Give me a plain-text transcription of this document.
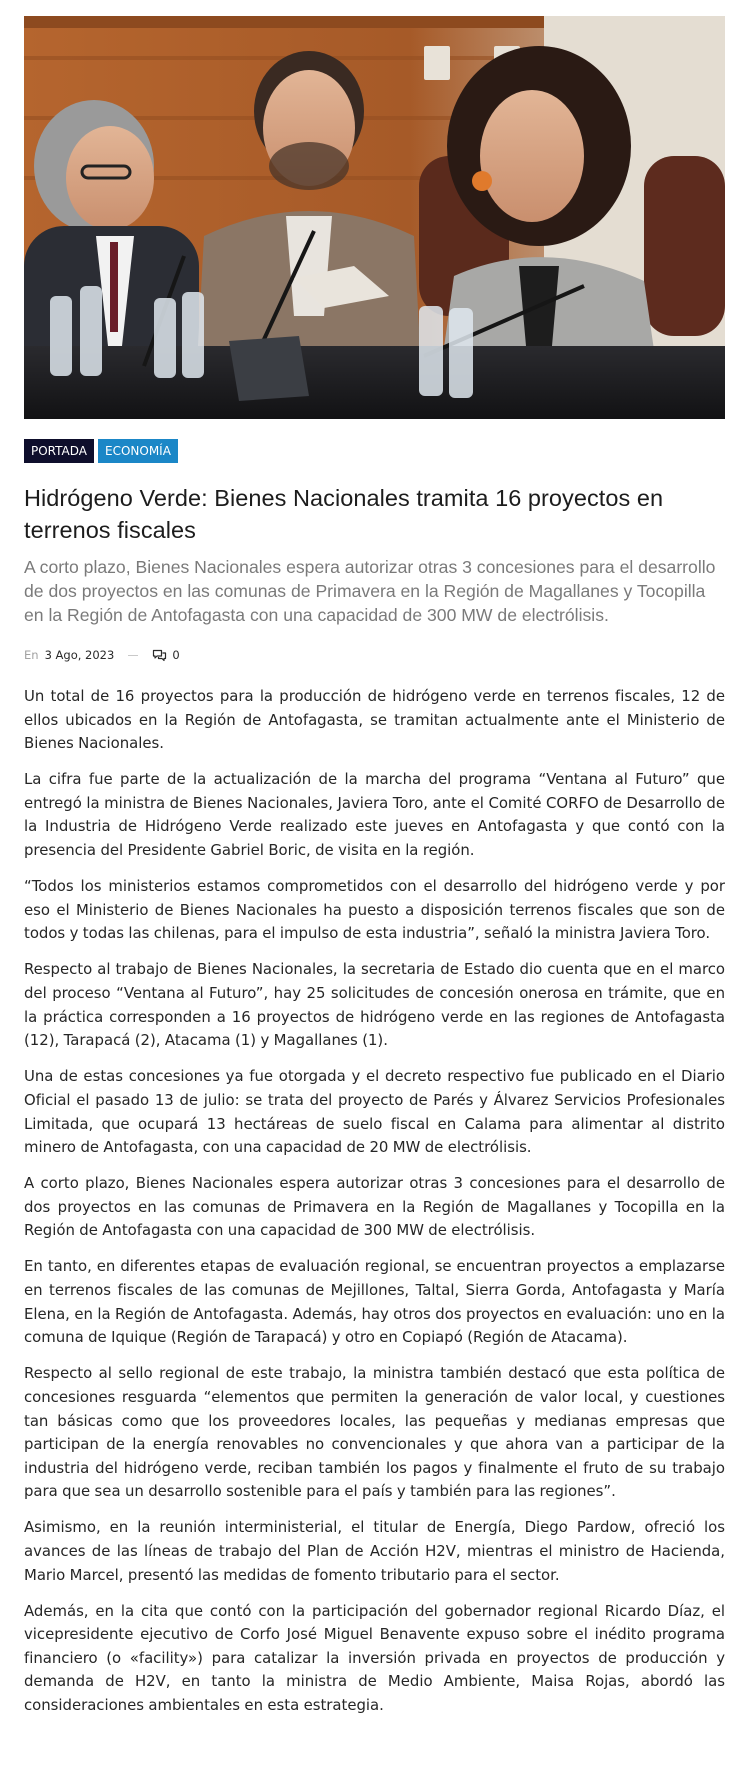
PORTADA	ECONOMÍA
Hidrógeno Verde: Bienes Nacionales tramita 16 proyectos en terrenos fiscales

A corto plazo, Bienes Nacionales espera autorizar otras 3 concesiones para el desarrollo de dos proyectos en las comunas de Primavera en la Región de Magallanes y Tocopilla en la Región de Antofagasta con una capacidad de 300 MW de electrólisis.

En 3 Ago, 2023	0

Un total de 16 proyectos para la producción de hidrógeno verde en terrenos fiscales, 12 de ellos ubicados en la Región de Antofagasta, se tramitan actualmente ante el Ministerio de Bienes Nacionales.

La cifra fue parte de la actualización de la marcha del programa “Ventana al Futuro” que entregó la ministra de Bienes Nacionales, Javiera Toro, ante el Comité CORFO de Desarrollo de la Industria de Hidrógeno Verde realizado este jueves en Antofagasta y que contó con la presencia del Presidente Gabriel Boric, de visita en la región.

“Todos los ministerios estamos comprometidos con el desarrollo del hidrógeno verde y por eso el Ministerio de Bienes Nacionales ha puesto a disposición terrenos fiscales que son de todos y todas las chilenas, para el impulso de esta industria”, señaló la ministra Javiera Toro.

Respecto al trabajo de Bienes Nacionales, la secretaria de Estado dio cuenta que en el marco del proceso “Ventana al Futuro”, hay 25 solicitudes de concesión onerosa en trámite, que en la práctica corresponden a 16 proyectos de hidrógeno verde en las regiones de Antofagasta (12), Tarapacá (2), Atacama (1) y Magallanes (1).

Una de estas concesiones ya fue otorgada y el decreto respectivo fue publicado en el Diario Oficial el pasado 13 de julio: se trata del proyecto de Parés y Álvarez Servicios Profesionales Limitada, que ocupará 13 hectáreas de suelo fiscal en Calama para alimentar al distrito minero de Antofagasta, con una capacidad de 20 MW de electrólisis.

A corto plazo, Bienes Nacionales espera autorizar otras 3 concesiones para el desarrollo de dos proyectos en las comunas de Primavera en la Región de Magallanes y Tocopilla en la Región de Antofagasta con una capacidad de 300 MW de electrólisis.

En tanto, en diferentes etapas de evaluación regional, se encuentran proyectos a emplazarse en terrenos fiscales de las comunas de Mejillones, Taltal, Sierra Gorda, Antofagasta y María Elena, en la Región de Antofagasta. Además, hay otros dos proyectos en evaluación: uno en la comuna de Iquique (Región de Tarapacá) y otro en Copiapó (Región de Atacama).

Respecto al sello regional de este trabajo, la ministra también destacó que esta política de concesiones resguarda “elementos que permiten la generación de valor local, y cuestiones tan básicas como que los proveedores locales, las pequeñas y medianas empresas que participan de la energía renovables no convencionales y que ahora van a participar de la industria del hidrógeno verde, reciban también los pagos y finalmente el fruto de su trabajo para que sea un desarrollo sostenible para el país y también para las regiones”.

Asimismo, en la reunión interministerial, el titular de Energía, Diego Pardow, ofreció los avances de las líneas de trabajo del Plan de Acción H2V, mientras el ministro de Hacienda, Mario Marcel, presentó las medidas de fomento tributario para el sector.

Además, en la cita que contó con la participación del gobernador regional Ricardo Díaz, el vicepresidente ejecutivo de Corfo José Miguel Benavente expuso sobre el inédito programa financiero (o «facility») para catalizar la inversión privada en proyectos de producción y demanda de H2V, en tanto la ministra de Medio Ambiente, Maisa Rojas, abordó las consideraciones ambientales en esta estrategia.
